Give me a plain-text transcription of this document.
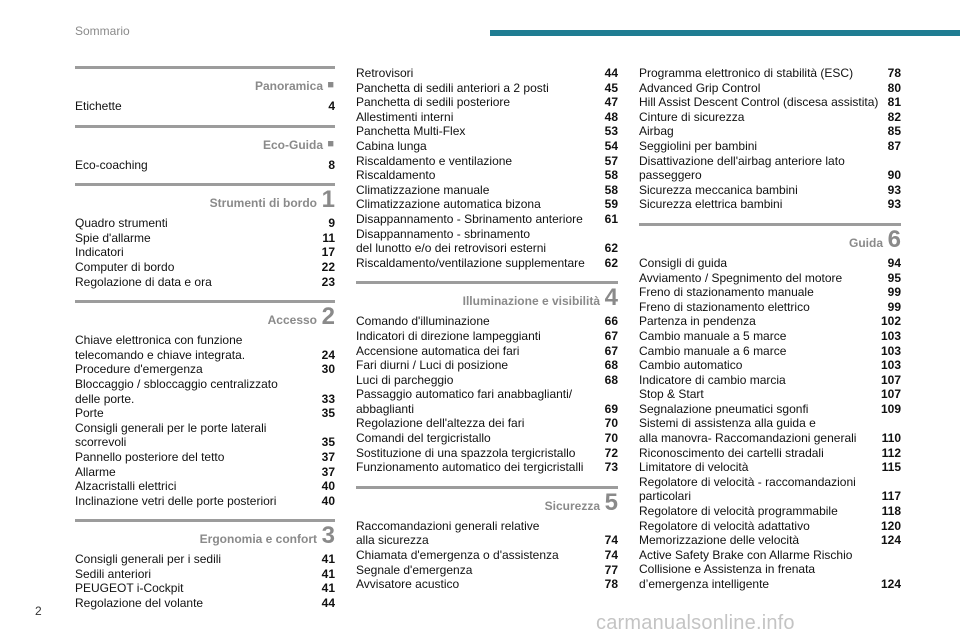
Sommario
Panoramica ■
Etichette	4
Eco-Guida ■
Eco-coaching	8
Strumenti di bordo 1
Quadro strumenti	9
Spie d'allarme	11
Indicatori	17
Computer di bordo	22
Regolazione di data e ora	23
Accesso 2
Chiave elettronica con funzione
telecomando e chiave integrata.	24
Procedure d'emergenza	30
Bloccaggio / sbloccaggio centralizzato
delle porte.	33
Porte	35
Consigli generali per le porte laterali
scorrevoli	35
Pannello posteriore del tetto	37
Allarme	37
Alzacristalli elettrici	40
Inclinazione vetri delle porte posteriori	40
Ergonomia e confort 3
Consigli generali per i sedili	41
Sedili anteriori	41
PEUGEOT i-Cockpit	41
Regolazione del volante	44
Retrovisori	44
Panchetta di sedili anteriori a 2 posti	45
Panchetta di sedili posteriore	47
Allestimenti interni	48
Panchetta Multi-Flex	53
Cabina lunga	54
Riscaldamento e ventilazione	57
Riscaldamento	58
Climatizzazione manuale	58
Climatizzazione automatica bizona	59
Disappannamento - Sbrinamento anteriore	61
Disappannamento - sbrinamento
del lunotto e/o dei retrovisori esterni	62
Riscaldamento/ventilazione supplementare	62
Illuminazione e visibilità 4
Comando d'illuminazione	66
Indicatori di direzione lampeggianti	67
Accensione automatica dei fari	67
Fari diurni / Luci di posizione	68
Luci di parcheggio	68
Passaggio automatico fari anabbaglianti/
abbaglianti	69
Regolazione dell'altezza dei fari	70
Comandi del tergicristallo	70
Sostituzione di una spazzola tergicristallo	72
Funzionamento automatico dei tergicristalli	73
Sicurezza 5
Raccomandazioni generali relative
alla sicurezza	74
Chiamata d'emergenza o d'assistenza	74
Segnale d'emergenza	77
Avvisatore acustico	78
Programma elettronico di stabilità (ESC)	78
Advanced Grip Control	80
Hill Assist Descent Control (discesa assistita) 81
Cinture di sicurezza	82
Airbag	85
Seggiolini per bambini	87
Disattivazione dell'airbag anteriore lato
passeggero	90
Sicurezza meccanica bambini	93
Sicurezza elettrica bambini	93
Guida 6
Consigli di guida	94
Avviamento / Spegnimento del motore	95
Freno di stazionamento manuale	99
Freno di stazionamento elettrico	99
Partenza in pendenza	102
Cambio manuale a 5 marce	103
Cambio manuale a 6 marce	103
Cambio automatico	103
Indicatore di cambio marcia	107
Stop & Start	107
Segnalazione pneumatici sgonfi	109
Sistemi di assistenza alla guida e
alla manovra- Raccomandazioni generali	110
Riconoscimento dei cartelli stradali	112
Limitatore di velocità	115
Regolatore di velocità - raccomandazioni
particolari	117
Regolatore di velocità programmabile	118
Regolatore di velocità adattativo	120
Memorizzazione delle velocità	124
Active Safety Brake con Allarme Rischio
Collisione e Assistenza in frenata
d’emergenza intelligente	124
2
carmanualsonline.info
